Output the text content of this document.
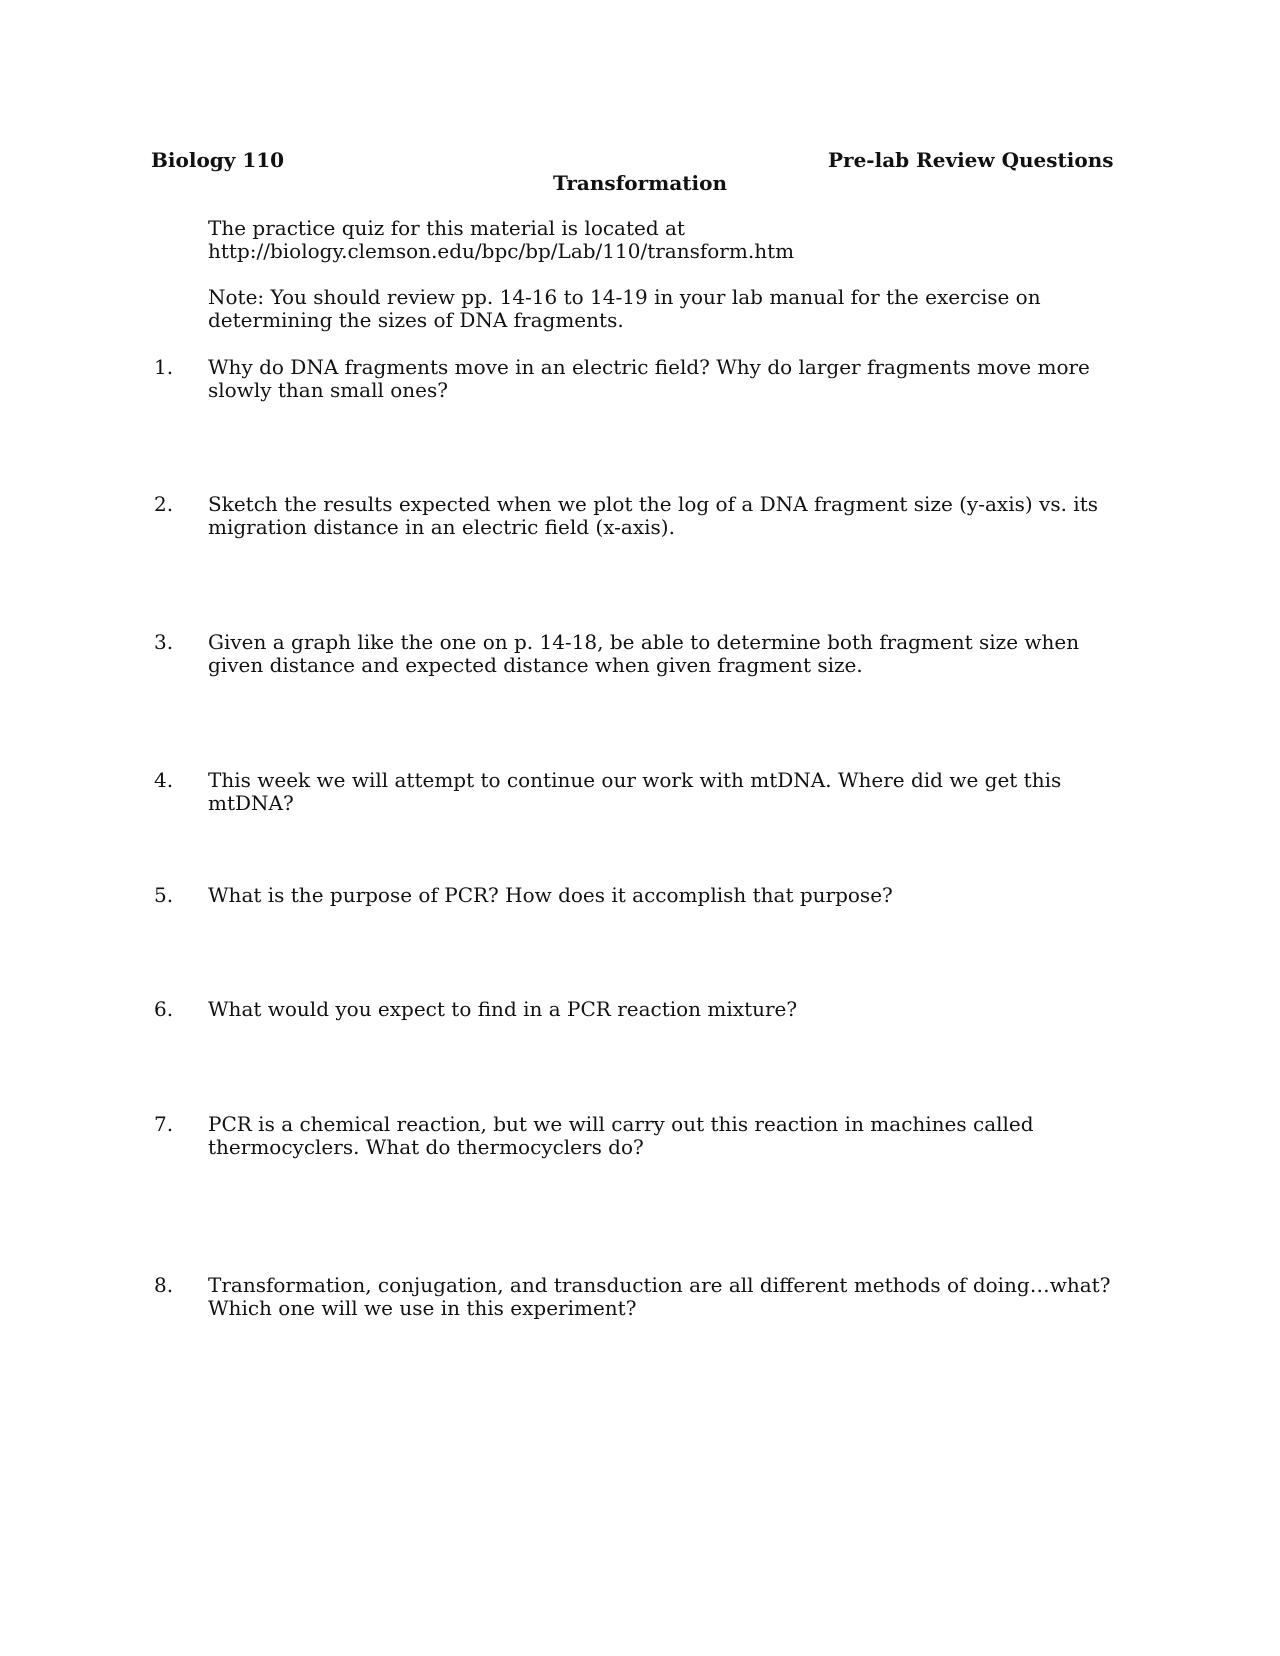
Biology 110	Pre-lab Review Questions
Transformation
The practice quiz for this material is located at
http://biology.clemson.edu/bpc/bp/Lab/110/transform.htm
Note: You should review pp. 14-16 to 14-19 in your lab manual for the exercise on determining the sizes of DNA fragments.
1. Why do DNA fragments move in an electric field? Why do larger fragments move more slowly than small ones?
2. Sketch the results expected when we plot the log of a DNA fragment size (y-axis) vs. its migration distance in an electric field (x-axis).
3. Given a graph like the one on p. 14-18, be able to determine both fragment size when given distance and expected distance when given fragment size.
4. This week we will attempt to continue our work with mtDNA. Where did we get this mtDNA?
5. What is the purpose of PCR? How does it accomplish that purpose?
6. What would you expect to find in a PCR reaction mixture?
7. PCR is a chemical reaction, but we will carry out this reaction in machines called thermocyclers. What do thermocyclers do?
8. Transformation, conjugation, and transduction are all different methods of doing…what? Which one will we use in this experiment?
